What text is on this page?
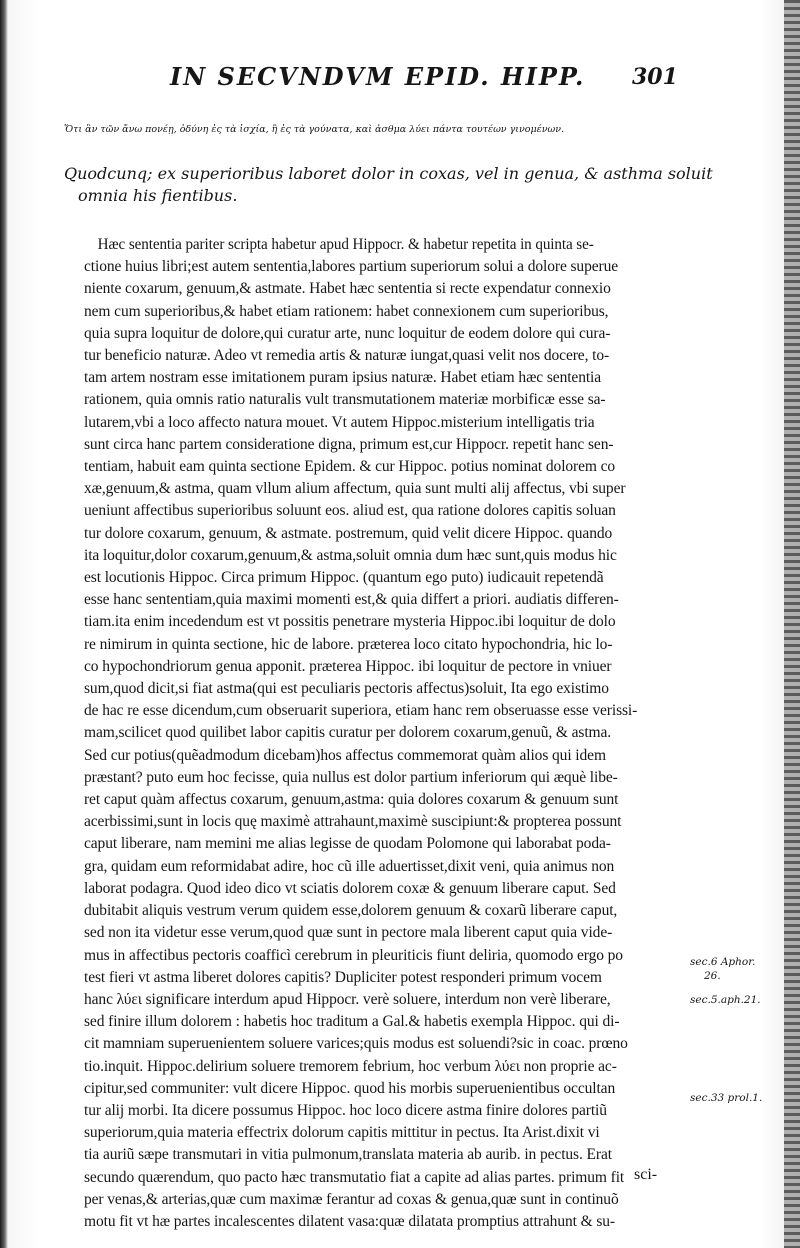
IN SECVNDVM EPID. HIPP. 301
Ὅτι ἂν τῶν ἄνω πονέῃ, ὀδύνη ἐς τὰ ἰσχία, ἢ ἐς τὰ γούνατα, καὶ ἆσθμα λύει πάντα τουτέων γινομένων.
Quodcunq; ex superioribus laboret dolor in coxas, vel in genua, & asthma soluit
omnia his fientibus.
Hæc sententia pariter scripta habetur apud Hippocr. & habetur repetita in quinta se-
ctione huius libri;est autem sententia,labores partium superiorum solui a dolore superue
niente coxarum, genuum,& astmate. Habet hæc sententia si recte expendatur connexio
nem cum superioribus,& habet etiam rationem: habet connexionem cum superioribus,
quia supra loquitur de dolore,qui curatur arte, nunc loquitur de eodem dolore qui cura-
tur beneficio naturæ. Adeo vt remedia artis & naturæ iungat,quasi velit nos docere, to-
tam artem nostram esse imitationem puram ipsius naturæ. Habet etiam hæc sententia
rationem, quia omnis ratio naturalis vult transmutationem materiæ morbificæ esse sa-
lutarem,vbi a loco affecto natura mouet. Vt autem Hippoc.misterium intelligatis tria
sunt circa hanc partem consideratione digna, primum est,cur Hippocr. repetit hanc sen-
tentiam, habuit eam quinta sectione Epidem. & cur Hippoc. potius nominat dolorem co
xæ,genuum,& astma, quam vllum alium affectum, quia sunt multi alij affectus, vbi super
ueniunt affectibus superioribus soluunt eos. aliud est, qua ratione dolores capitis soluan
tur dolore coxarum, genuum, & astmate. postremum, quid velit dicere Hippoc. quando
ita loquitur,dolor coxarum,genuum,& astma,soluit omnia dum hæc sunt,quis modus hic
est locutionis Hippoc. Circa primum Hippoc. (quantum ego puto) iudicauit repetendã
esse hanc sententiam,quia maximi momenti est,& quia differt a priori. audiatis differen-
tiam.ita enim incedendum est vt possitis penetrare mysteria Hippoc.ibi loquitur de dolo
re nimirum in quinta sectione, hic de labore. præterea loco citato hypochondria, hic lo-
co hypochondriorum genua apponit. præterea Hippoc. ibi loquitur de pectore in vniuer
sum,quod dicit,si fiat astma(qui est peculiaris pectoris affectus)soluit, Ita ego existimo
de hac re esse dicendum,cum obseruarit superiora, etiam hanc rem obseruasse esse verissi-
mam,scilicet quod quilibet labor capitis curatur per dolorem coxarum,genuũ, & astma.
Sed cur potius(quẽadmodum dicebam)hos affectus commemorat quàm alios qui idem
præstant? puto eum hoc fecisse, quia nullus est dolor partium inferiorum qui æquè libe-
ret caput quàm affectus coxarum, genuum,astma: quia dolores coxarum & genuum sunt
acerbissimi,sunt in locis quę maximè attrahaunt,maximè suscipiunt:& propterea possunt
caput liberare, nam memini me alias legisse de quodam Polomone qui laborabat poda-
gra, quidam eum reformidabat adire, hoc cũ ille aduertisset,dixit veni, quia animus non
laborat podagra. Quod ideo dico vt sciatis dolorem coxæ & genuum liberare caput. Sed
dubitabit aliquis vestrum verum quidem esse,dolorem genuum & coxarũ liberare caput,
sed non ita videtur esse verum,quod quæ sunt in pectore mala liberent caput quia vide-
mus in affectibus pectoris coafficì cerebrum in pleuriticis fiunt deliria, quomodo ergo po
test fieri vt astma liberet dolores capitis? Dupliciter potest responderi primum vocem
hanc λύει significare interdum apud Hippocr. verè soluere, interdum non verè liberare,
sed finire illum dolorem : habetis hoc traditum a Gal.& habetis exempla Hippoc. qui di-
cit mamniam superuenientem soluere varices;quis modus est soluendi?sic in coac. prœno
tio.inquit. Hippoc.delirium soluere tremorem febrium, hoc verbum λύει non proprie ac-
cipitur,sed communiter: vult dicere Hippoc. quod his morbis superuenientibus occultan
tur alij morbi. Ita dicere possumus Hippoc. hoc loco dicere astma finire dolores partiũ
superiorum,quia materia effectrix dolorum capitis mittitur in pectus. Ita Arist.dixit vi
tia auriũ sæpe transmutari in vitia pulmonum,translata materia ab aurib. in pectus. Erat
secundo quærendum, quo pacto hæc transmutatio fiat a capite ad alias partes. primum fit
per venas,& arterias,quæ cum maximæ ferantur ad coxas & genua,quæ sunt in continuõ
motu fit vt hæ partes incalescentes dilatent vasa:quæ dilatata promptius attrahunt & su-
sec.6 Aphor.
26.
sec.5.aph.21.
sec.33 prol.1.
sci-
